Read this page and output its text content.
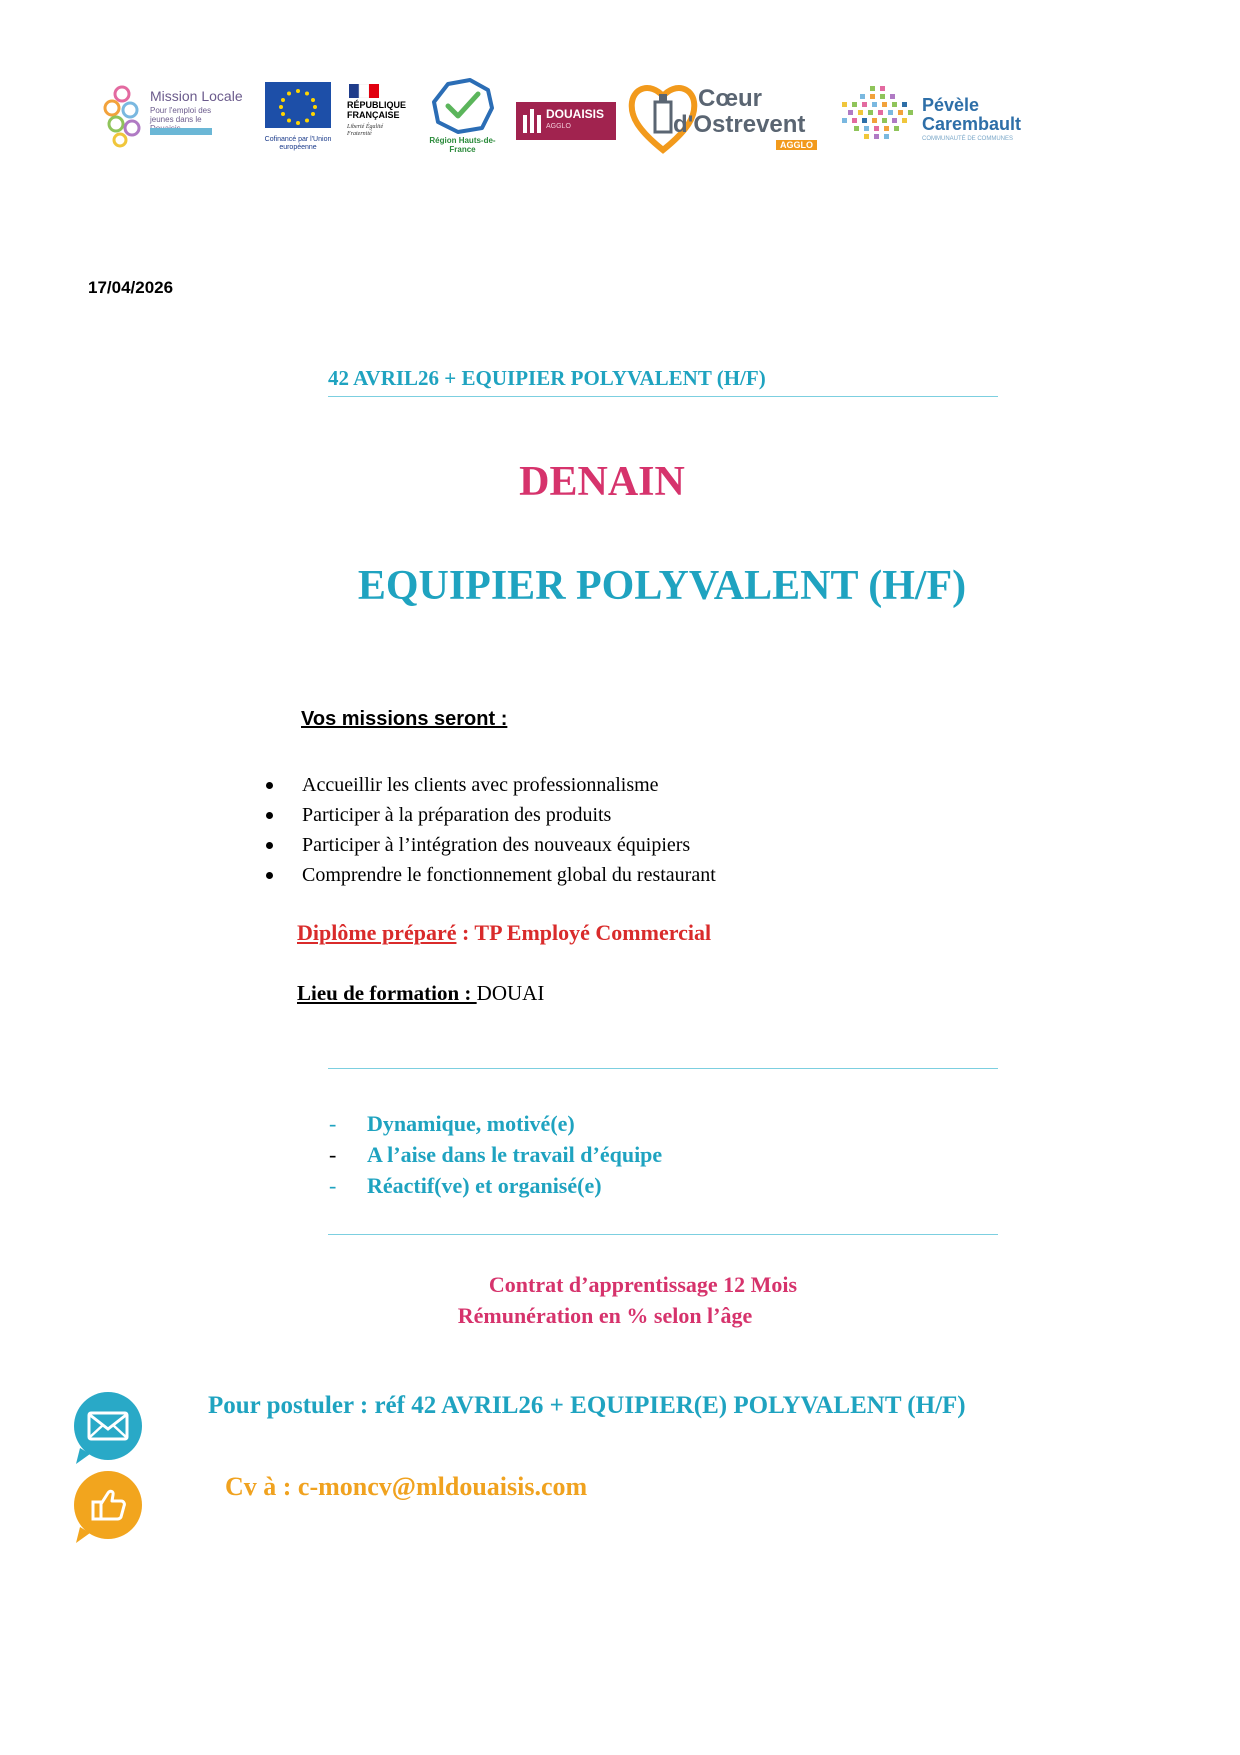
Mission Locale
Pour l'emploi des jeunes dans le
Cofinancé par l'Union européenne
RÉPUBLIQUE FRANÇAISE
Liberté Égalité Fraternité
Région Hauts-de-France
DOUAISIS
AGGLO
Cœur
d'Ostrevent
AGGLO
Pévèle
Carembault
COMMUNAUTÉ DE COMMUNES
17/04/2026
42 AVRIL26 + EQUIPIER POLYVALENT (H/F)
DENAIN
EQUIPIER POLYVALENT (H/F)
Vos missions seront :
Accueillir les clients avec professionnalisme
Participer à la préparation des produits
Participer à l’intégration des nouveaux équipiers
Comprendre le fonctionnement global du restaurant
Diplôme préparé : TP Employé Commercial
Lieu de formation : DOUAI
- Dynamique, motivé(e)
- A l’aise dans le travail d’équipe
- Réactif(ve) et organisé(e)
Contrat d’apprentissage 12 Mois
Rémunération en % selon l’âge
Pour postuler : réf 42 AVRIL26 + EQUIPIER(E) POLYVALENT (H/F)
Cv à : c-moncv@mldouaisis.com
